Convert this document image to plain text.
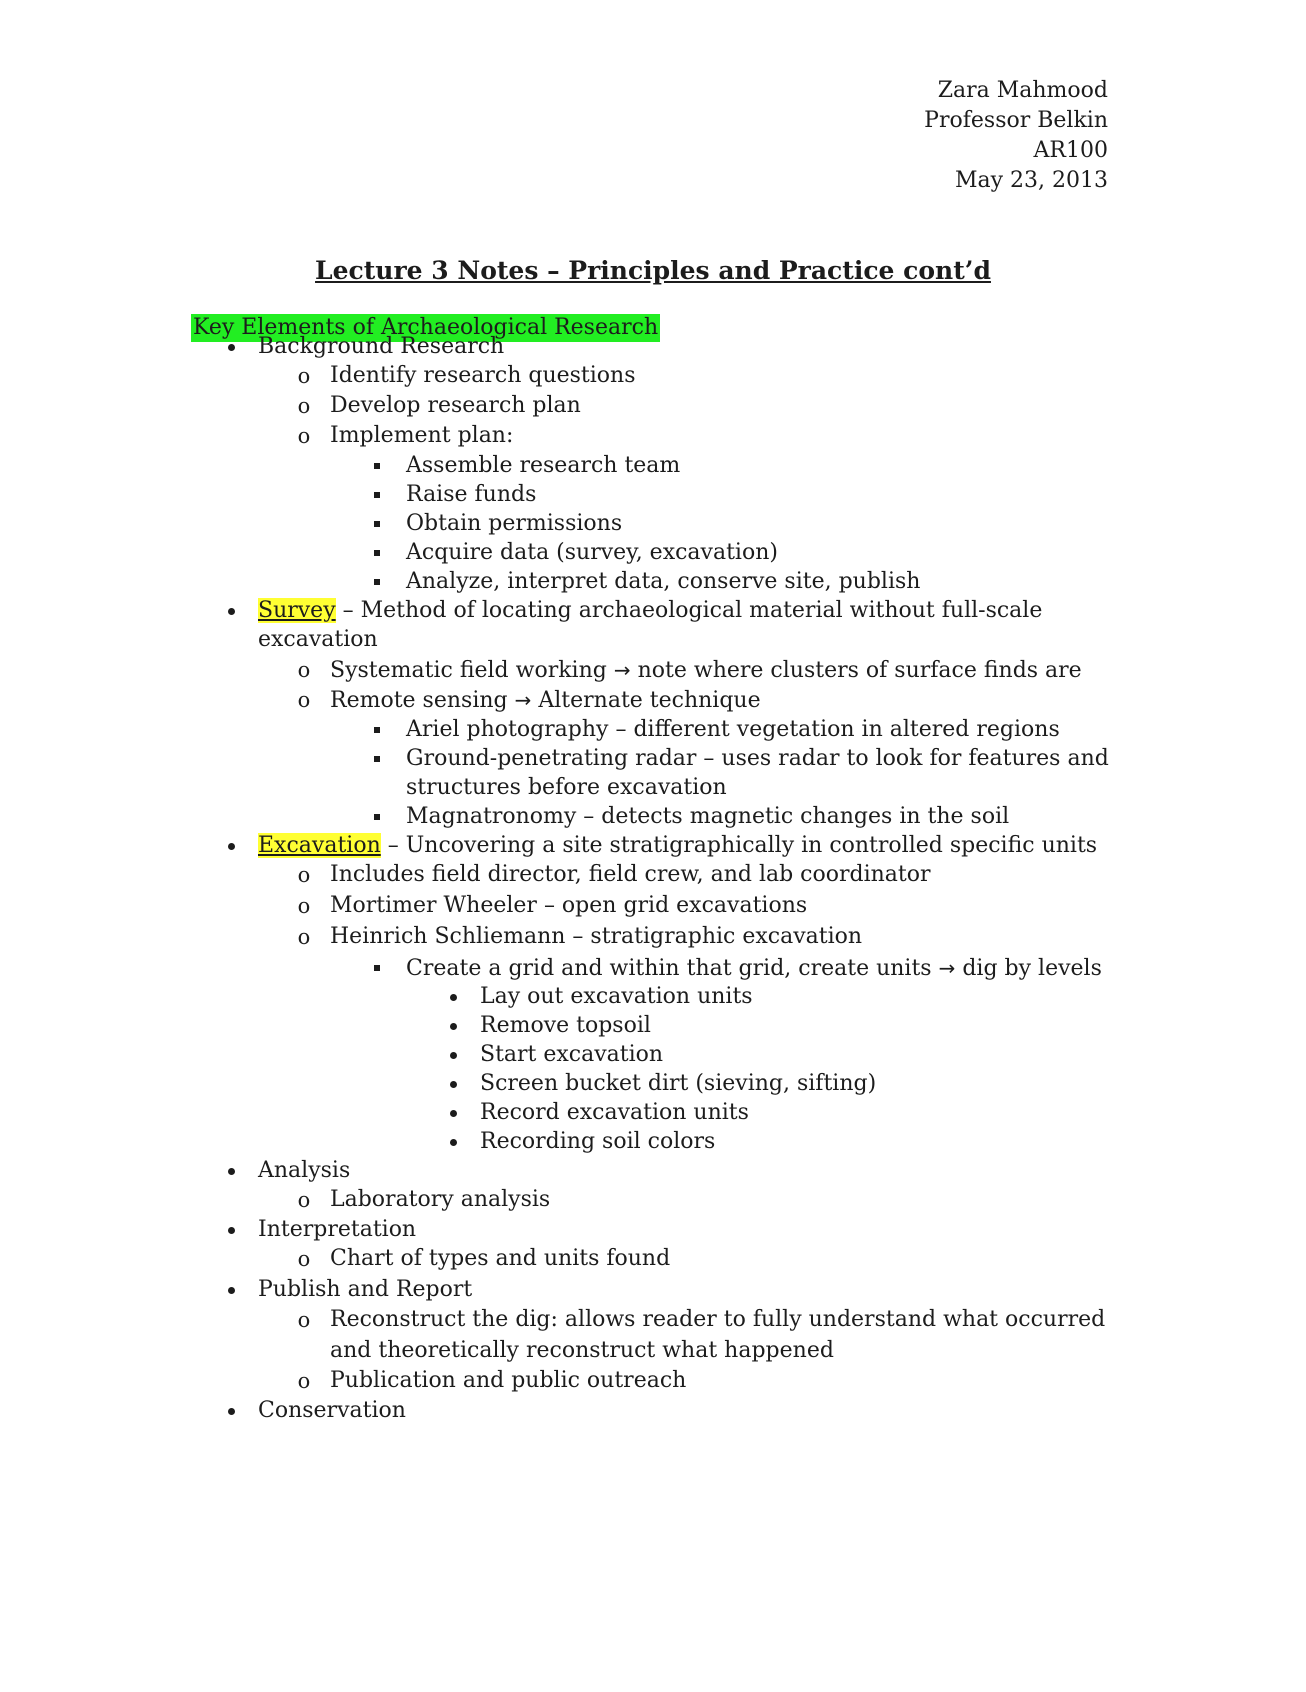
Zara Mahmood
Professor Belkin
AR100
May 23, 2013
Lecture 3 Notes – Principles and Practice cont’d
Key Elements of Archaeological Research
Background Research
o Identify research questions
o Develop research plan
o Implement plan:
Assemble research team
Raise funds
Obtain permissions
Acquire data (survey, excavation)
Analyze, interpret data, conserve site, publish
Survey – Method of locating archaeological material without full-scale
excavation
o Systematic field working → note where clusters of surface finds are
o Remote sensing → Alternate technique
Ariel photography – different vegetation in altered regions
Ground-penetrating radar – uses radar to look for features and
structures before excavation
Magnatronomy – detects magnetic changes in the soil
Excavation – Uncovering a site stratigraphically in controlled specific units
o Includes field director, field crew, and lab coordinator
o Mortimer Wheeler – open grid excavations
o Heinrich Schliemann – stratigraphic excavation
Create a grid and within that grid, create units → dig by levels
Lay out excavation units
Remove topsoil
Start excavation
Screen bucket dirt (sieving, sifting)
Record excavation units
Recording soil colors
Analysis
o Laboratory analysis
Interpretation
o Chart of types and units found
Publish and Report
o Reconstruct the dig: allows reader to fully understand what occurred
and theoretically reconstruct what happened
o Publication and public outreach
Conservation
